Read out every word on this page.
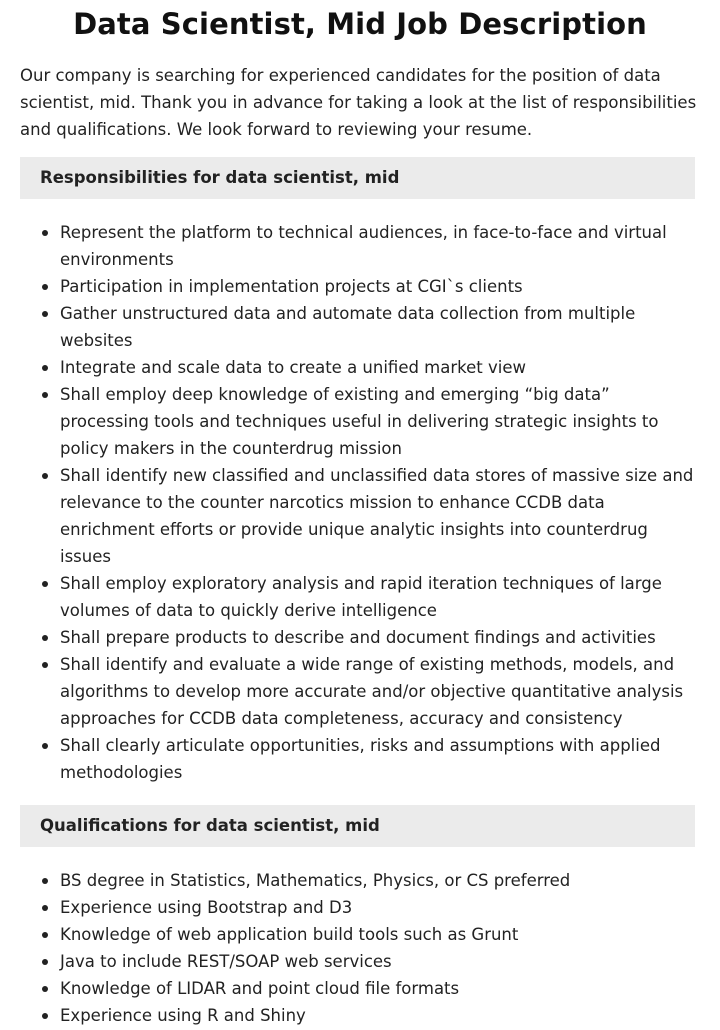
Data Scientist, Mid Job Description

Our company is searching for experienced candidates for the position of data scientist, mid. Thank you in advance for taking a look at the list of responsibilities and qualifications. We look forward to reviewing your resume.

Responsibilities for data scientist, mid
Represent the platform to technical audiences, in face-to-face and virtual environments
Participation in implementation projects at CGI`s clients
Gather unstructured data and automate data collection from multiple websites
Integrate and scale data to create a unified market view
Shall employ deep knowledge of existing and emerging “big data” processing tools and techniques useful in delivering strategic insights to policy makers in the counterdrug mission
Shall identify new classified and unclassified data stores of massive size and relevance to the counter narcotics mission to enhance CCDB data enrichment efforts or provide unique analytic insights into counterdrug issues
Shall employ exploratory analysis and rapid iteration techniques of large volumes of data to quickly derive intelligence
Shall prepare products to describe and document findings and activities
Shall identify and evaluate a wide range of existing methods, models, and algorithms to develop more accurate and/or objective quantitative analysis approaches for CCDB data completeness, accuracy and consistency
Shall clearly articulate opportunities, risks and assumptions with applied methodologies
Qualifications for data scientist, mid
BS degree in Statistics, Mathematics, Physics, or CS preferred
Experience using Bootstrap and D3
Knowledge of web application build tools such as Grunt
Java to include REST/SOAP web services
Knowledge of LIDAR and point cloud file formats
Experience using R and Shiny
